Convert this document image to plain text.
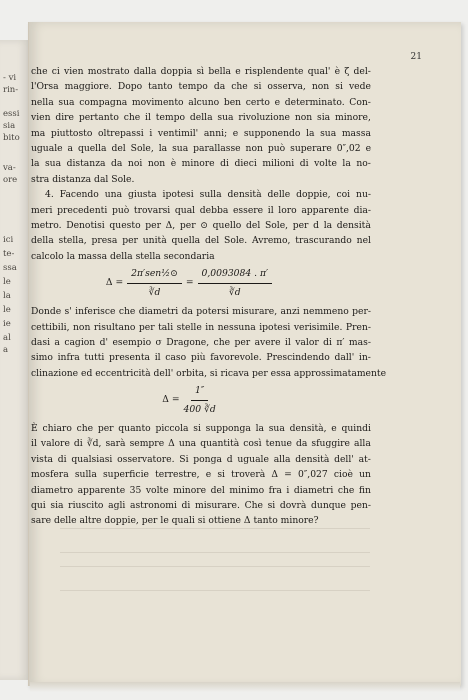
- vi
rin-
essi
sia
bito
va-
ore
ici
te-
ssa
le
la
le
ie
al
a
21
che ci vien mostrato dalla doppia sì bella e risplendente qual' è ζ del-
l'Orsa maggiore. Dopo tanto tempo da che si osserva, non si vede
nella sua compagna movimento alcuno ben certo e determinato. Con-
vien dire pertanto che il tempo della sua rivoluzione non sia minore,
ma piuttosto oltrepassi i ventimil' anni; e supponendo la sua massa
uguale a quella del Sole, la sua parallasse non può superare 0″,02 e
la sua distanza da noi non è minore di dieci milioni di volte la no-
stra distanza dal Sole.
4. Facendo una giusta ipotesi sulla densità delle doppie, coi nu-
meri precedenti può trovarsi qual debba essere il loro apparente dia-
metro. Denotisi questo per Δ, per ⊙ quello del Sole, per d la densità
della stella, presa per unità quella del Sole. Avremo, trascurando nel
calcolo la massa della stella secondaria
$\Delta = \frac{\text{2π′sen½⊙}}{∛d} = \frac{0,0093084 . \pi'}{∛d}$
Donde s' inferisce che diametri da potersi misurare, anzi nemmeno per-
cettibili, non risultano per tali stelle in nessuna ipotesi verisimile. Pren-
dasi a cagion d' esempio σ Dragone, che per avere il valor di π′ mas-
simo infra tutti presenta il caso più favorevole. Prescindendo dall' in-
clinazione ed eccentricità dell' orbita, si ricava per essa approssimatamente
$\Delta = \frac{1''}{400 ∛d}$
È chiaro che per quanto piccola si supponga la sua densità, e quindi
il valore di ∛d, sarà sempre Δ una quantità così tenue da sfuggire alla
vista di qualsiasi osservatore. Si ponga d uguale alla densità dell' at-
mosfera sulla superficie terrestre, e si troverà Δ = 0″,027 cioè un
diametro apparente 35 volte minore del minimo fra i diametri che fin
qui sia riuscito agli astronomi di misurare. Che si dovrà dunque pen-
sare delle altre doppie, per le quali si ottiene Δ tanto minore?
